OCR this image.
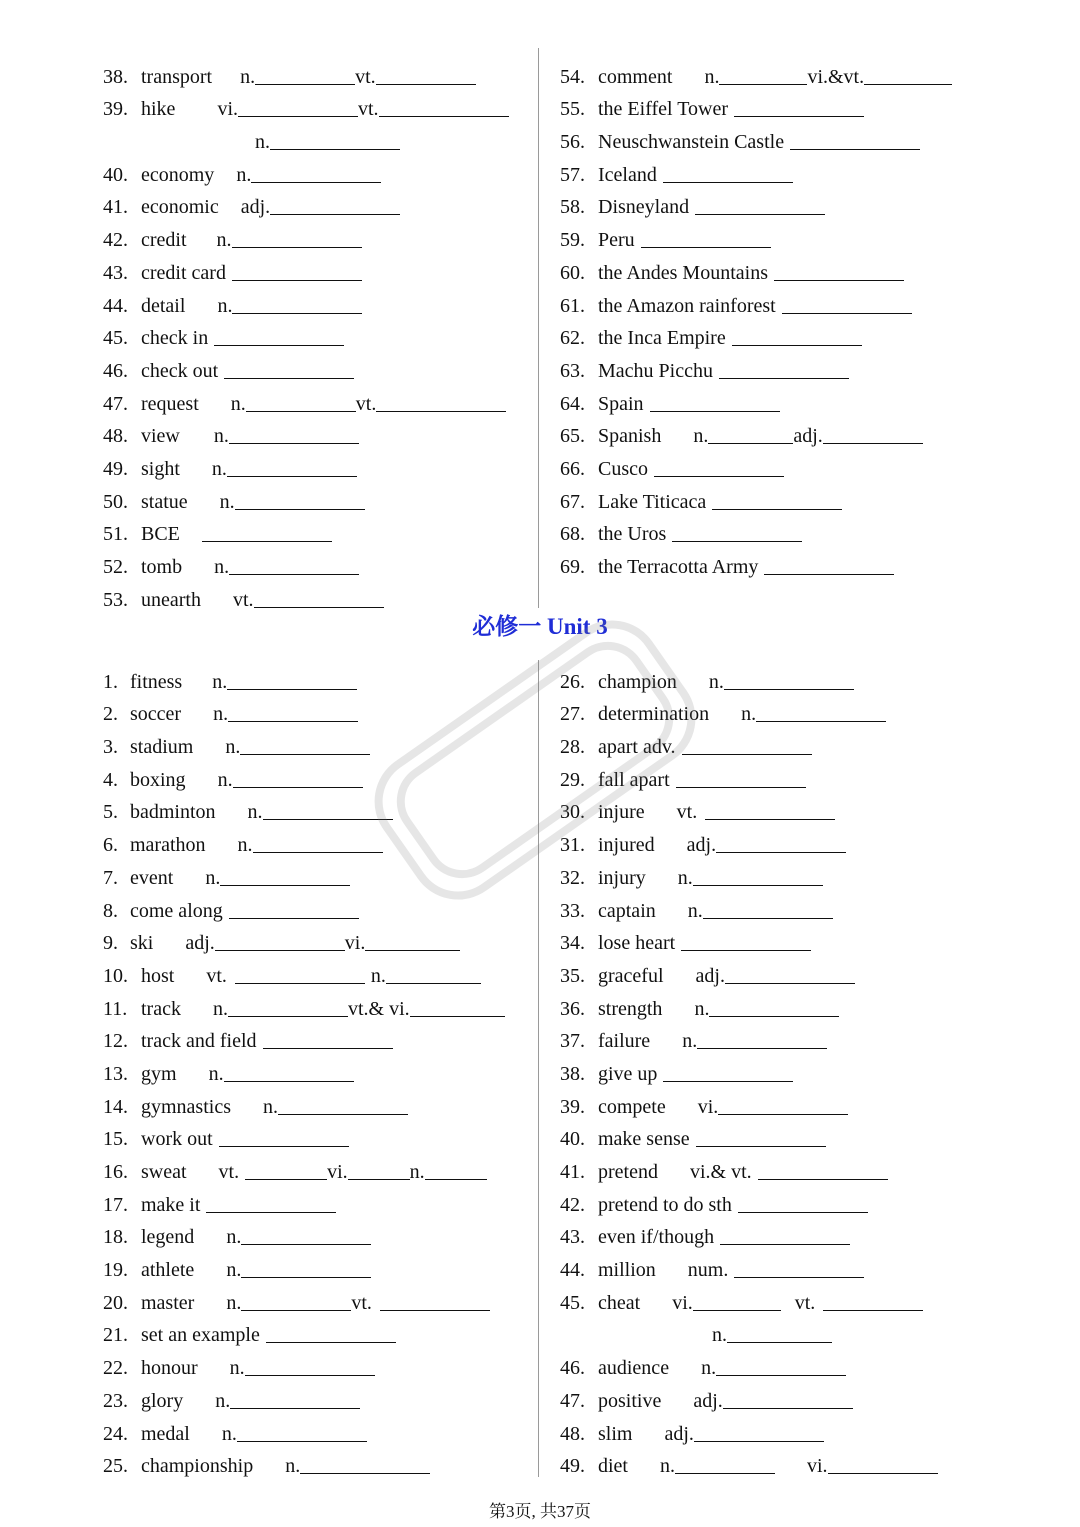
38. transport n.	vt.
39. hike vi.	vt.
n.
40. economy n.
41. economic adj.
42. credit n.
43. credit card
44. detail n.
45. check in
46. check out
47. request n.	vt.
48. view n.
49. sight n.
50. statue n.
51. BCE
52. tomb n.
53. unearth vt.
54. comment n.	vi.&vt.
55. the Eiffel Tower
56. Neuschwanstein Castle
57. Iceland
58. Disneyland
59. Peru
60. the Andes Mountains
61. the Amazon rainforest
62. the Inca Empire
63. Machu Picchu
64. Spain
65. Spanish n.	adj.
66. Cusco
67. Lake Titicaca
68. the Uros
69. the Terracotta Army
必修一 Unit 3
1. fitness n.
2. soccer n.
3. stadium n.
4. boxing n.
5. badminton n.
6. marathon n.
7. event n.
8. come along
9. ski adj.	vi.
10. host vt.	n.
11. track n.	vt.& vi.
12. track and field
13. gym n.
14. gymnastics n.
15. work out
16. sweat vt.	vi.	n.
17. make it
18. legend n.
19. athlete n.
20. master n.	vt.
21. set an example
22. honour n.
23. glory n.
24. medal n.
25. championship n.
26. champion n.
27. determination n.
28. apart adv.
29. fall apart
30. injure vt.
31. injured adj.
32. injury n.
33. captain n.
34. lose heart
35. graceful adj.
36. strength n.
37. failure n.
38. give up
39. compete vi.
40. make sense
41. pretend vi.& vt.
42. pretend to do sth
43. even if/though
44. million num.
45. cheat vi.	vt.
n.
46. audience n.
47. positive adj.
48. slim adj.
49. diet n.	vi.
第3页, 共37页
